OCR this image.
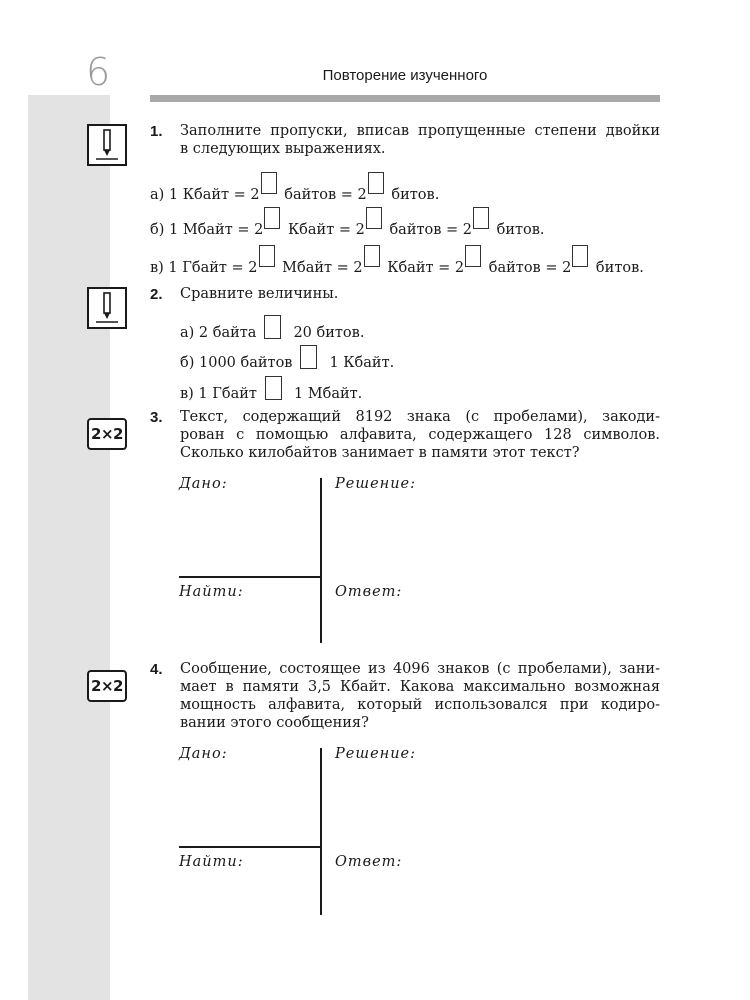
6	Повторение изученного
1. Заполните пропуски, вписав пропущенные степени двойки
в следующих выражениях.
а) 1 Кбайт = 2 байтов = 2 битов.
б) 1 Мбайт = 2 Кбайт = 2 байтов = 2 битов.
в) 1 Гбайт = 2 Мбайт = 2 Кбайт = 2 байтов = 2 битов.
2. Сравните величины.
а) 2 байта	20 битов.
б) 1000 байтов	1 Кбайт.
в) 1 Гбайт	1 Мбайт.
2×2
3. Текст, содержащий 8192 знака (с пробелами), закоди-
рован с помощью алфавита, содержащего 128 символов.
Сколько килобайтов занимает в памяти этот текст?
Дано:	Решение:
Найти:	Ответ:
2×2
4. Сообщение, состоящее из 4096 знаков (с пробелами), зани-
мает в памяти 3,5 Кбайт. Какова максимально возможная
мощность алфавита, который использовался при кодиро-
вании этого сообщения?
Дано:	Решение:
Найти:	Ответ:
